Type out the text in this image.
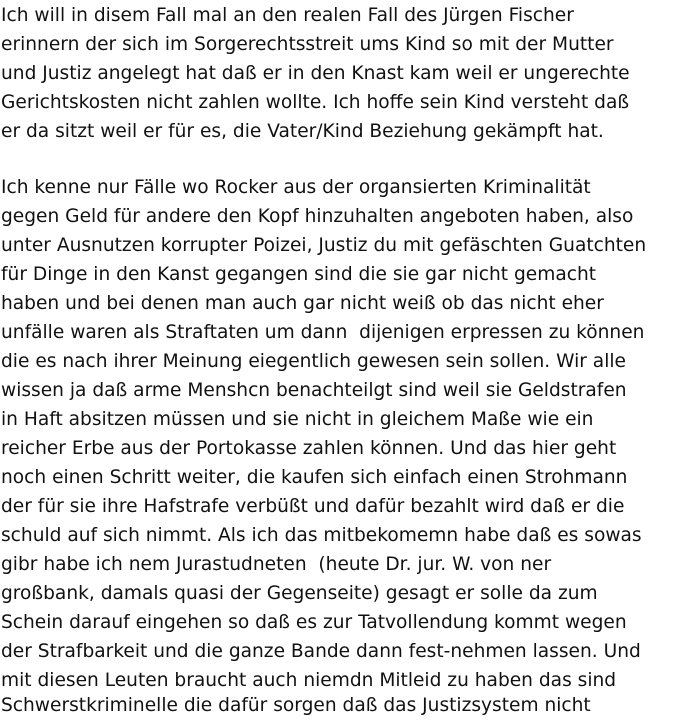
Ich will in disem Fall mal an den realen Fall des Jürgen Fischer
erinnern der sich im Sorgerechtsstreit ums Kind so mit der Mutter
und Justiz angelegt hat daß er in den Knast kam weil er ungerechte
Gerichtskosten nicht zahlen wollte. Ich hoffe sein Kind versteht daß
er da sitzt weil er für es, die Vater/Kind Beziehung gekämpft hat.
Ich kenne nur Fälle wo Rocker aus der organsierten Kriminalität
gegen Geld für andere den Kopf hinzuhalten angeboten haben, also
unter Ausnutzen korrupter Poizei, Justiz du mit gefäschten Guatchten
für Dinge in den Kanst gegangen sind die sie gar nicht gemacht
haben und bei denen man auch gar nicht weiß ob das nicht eher
unfälle waren als Straftaten um dann  dijenigen erpressen zu können
die es nach ihrer Meinung eiegentlich gewesen sein sollen. Wir alle
wissen ja daß arme Menshcn benachteilgt sind weil sie Geldstrafen
in Haft absitzen müssen und sie nicht in gleichem Maße wie ein
reicher Erbe aus der Portokasse zahlen können. Und das hier geht
noch einen Schritt weiter, die kaufen sich einfach einen Strohmann
der für sie ihre Hafstrafe verbüßt und dafür bezahlt wird daß er die
schuld auf sich nimmt. Als ich das mitbekomemn habe daß es sowas
gibr habe ich nem Jurastudneten  (heute Dr. jur. W. von ner
großbank, damals quasi der Gegenseite) gesagt er solle da zum
Schein darauf eingehen so daß es zur Tatvollendung kommt wegen
der Strafbarkeit und die ganze Bande dann fest-nehmen lassen. Und
mit diesen Leuten braucht auch niemdn Mitleid zu haben das sind
Schwerstkriminelle die dafür sorgen daß das Justizsystem nicht
